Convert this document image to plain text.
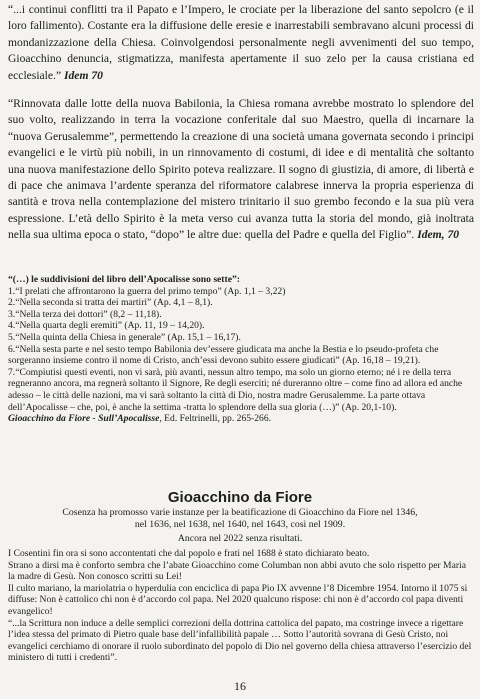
“...i continui conflitti tra il Papato e l’Impero, le crociate per la liberazione del santo sepolcro (e il loro fallimento). Costante era la diffusione delle eresie e inarrestabili sembravano alcuni processi di mondanizzazione della Chiesa. Coinvolgendosi personalmente negli avvenimenti del suo tempo, Gioacchino denuncia, stigmatizza, manifesta apertamente il suo zelo per la causa cristiana ed ecclesiale.” Idem 70
“Rinnovata dalle lotte della nuova Babilonia, la Chiesa romana avrebbe mostrato lo splendore del suo volto, realizzando in terra la vocazione conferitale dal suo Maestro, quella di incarnare la “nuova Gerusalemme”, permettendo la creazione di una società umana governata secondo i principi evangelici e le virtù più nobili, in un rinnovamento di costumi, di idee e di mentalità che soltanto una nuova manifestazione dello Spirito poteva realizzare. Il sogno di giustizia, di amore, di libertà e di pace che animava l’ardente speranza del riformatore calabrese innerva la propria esperienza di santità e trova nella contemplazione del mistero trinitario il suo grembo fecondo e la sua più vera espressione. L’età dello Spirito è la meta verso cui avanza tutta la storia del mondo, già inoltrata nella sua ultima epoca o stato, “dopo” le altre due: quella del Padre e quella del Figlio”. Idem, 70

“(…) le suddivisioni del libro dell’Apocalisse sono sette”:

1.“I prelati che affrontarono la guerra del primo tempo” (Ap. 1,1 – 3,22)

2.“Nella seconda si tratta dei martiri” (Ap. 4,1 – 8,1).

3.“Nella terza dei dottori” (8,2 – 11,18).

4.“Nella quarta degli eremiti” (Ap. 11, 19 – 14,20).

5.“Nella quinta della Chiesa in generale” (Ap. 15,1 – 16,17).

6.“Nella sesta parte e nel sesto tempo Babilonia dev’essere giudicata ma anche la Bestia e lo pseudo-profeta che sorgeranno insieme contro il nome di Cristo, anch’essi devono subito essere giudicati” (Ap. 16,18 – 19,21).

7.“Compiutisi questi eventi, non vi sarà, più avanti, nessun altro tempo, ma solo un giorno eterno; né i re della terra regneranno ancora, ma regnerà soltanto il Signore, Re degli eserciti; né dureranno oltre – come fino ad allora ed anche adesso – le città delle nazioni, ma vi sarà soltanto la città di Dio, nostra madre Gerusalemme. La parte ottava dell’Apocalisse – che, poi, è anche la settima -tratta lo splendore della sua gloria (…)” (Ap. 20,1-10).

Gioacchino da Fiore - Sull’Apocalisse, Ed. Feltrinelli, pp. 265-266.

Gioacchino da Fiore
Cosenza ha promosso varie instanze per la beatificazione di Gioacchino da Fiore nel 1346, nel 1636, nel 1638, nel 1640, nel 1643, così nel 1909.
Ancora nel 2022 senza risultati.

I Cosentini fin ora si sono accontentati che dal popolo e frati nel 1688 è stato dichiarato beato.

Strano a dirsi ma è conforto sembra che l’abate Gioacchino come Columban non abbi avuto che solo rispetto per Maria la madre di Gesù. Non conosco scritti su Lei!

Il culto mariano, la mariolatria o hyperdulia con enciclica di papa Pio IX avvenne l’8 Dicembre 1954. Intorno il 1075 si diffuse: Non è cattolico chi non è d’accordo col papa. Nel 2020 qualcuno rispose: chi non è d’accordo col papa diventi evangelico!

“...la Scrittura non induce a delle semplici correzioni della dottrina cattolica del papato, ma costringe invece a rigettare l’idea stessa del primato di Pietro quale base dell’infallibilità papale … Sotto l’autorità sovrana di Gesù Cristo, noi evangelici cerchiamo di onorare il ruolo subordinato del popolo di Dio nel governo della chiesa attraverso l’esercizio del ministero di tutti i credenti”.

16
